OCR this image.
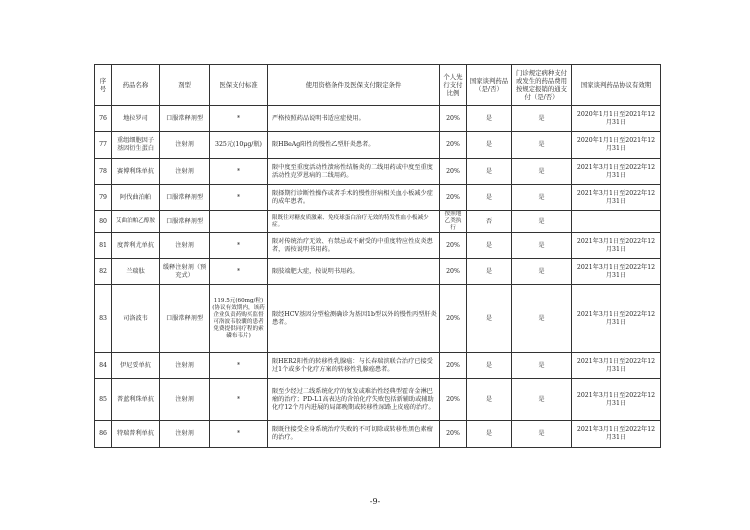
序号	药品名称	剂型	医保支付标准	使用资格条件及医保支付限定条件	个人先行支付比例	国家谈判药品（是/否）	门诊规定病种支付或发生的药品费用按规定报销的通支付（是/否）	国家谈判药品协议有效期
76	地拉罗司	口服常释剂型	*	严格按照药品说明书适应症使用。	20%	是	是	2020年1月1日至2021年12月31日
77	重组细胞因子基因衍生蛋白	注射剂	325元(10μg/瓶)	限HBeAg阳性的慢性乙型肝炎患者。	20%	是	是	2020年1月1日至2021年12月31日
78	赛博利珠单抗	注射剂	*	限中度至重度活动性溃疡性结肠炎的二线用药或中度至重度活动性克罗恩病的二线用药。	20%	是	是	2021年3月1日至2022年12月31日
79	阿伐曲泊帕	口服常释剂型	*	限择期行诊断性操作或者手术的慢性肝病相关血小板减少症的成年患者。	20%	是	是	2021年3月1日至2022年12月31日
80	艾曲泊帕乙醇胺	口服常释剂型		限既往对糖皮质激素、免疫球蛋白治疗无效的特发性血小板减少症。	按照地乙类执行	否	是	
81	度普利尤单抗	注射剂	*	限对传统治疗无效、有禁忌或不耐受的中重度特应性皮炎患者，需按说明书用药。	20%	是	是	2021年3月1日至2022年12月31日
82	兰瑞肽	缓释注射剂（预充式）	*	限肢端肥大症，按说明书用药。	20%	是	是	2021年3月1日至2022年12月31日
83	司洛波韦	口服常释剂型	119.5元(60mg/粒)(协议有效期内，该药企业负责药购买监督可洛波韦胶囊的患者免费提供同疗程的索磷布韦片)	限经HCV基因分型检测确诊为基因1b型以外的慢性丙型肝炎患者。	20%	是	是	2021年3月1日至2022年12月31日
84	伊尼妥单抗	注射剂	*	限HER2阳性的转移性乳腺癌：与长春瑞滨联合治疗已接受过1个或多个化疗方案的转移性乳腺癌患者。	20%	是	是	2021年3月1日至2022年12月31日
85	普蓝利珠单抗	注射剂	*	限至少经过二线系统化疗的复发或难治性经典型霍奇金淋巴瘤的治疗；PD-L1高表达的含铂化疗失败包括新辅助或辅助化疗12个月内进展的局部晚期或转移性尿路上皮癌的治疗。	20%	是	是	2021年3月1日至2022年12月31日
86	特瑞普利单抗	注射剂	*	限既往接受全身系统治疗失败的不可切除或转移性黑色素瘤的治疗。	20%	是	是	2021年3月1日至2022年12月31日
-9-
